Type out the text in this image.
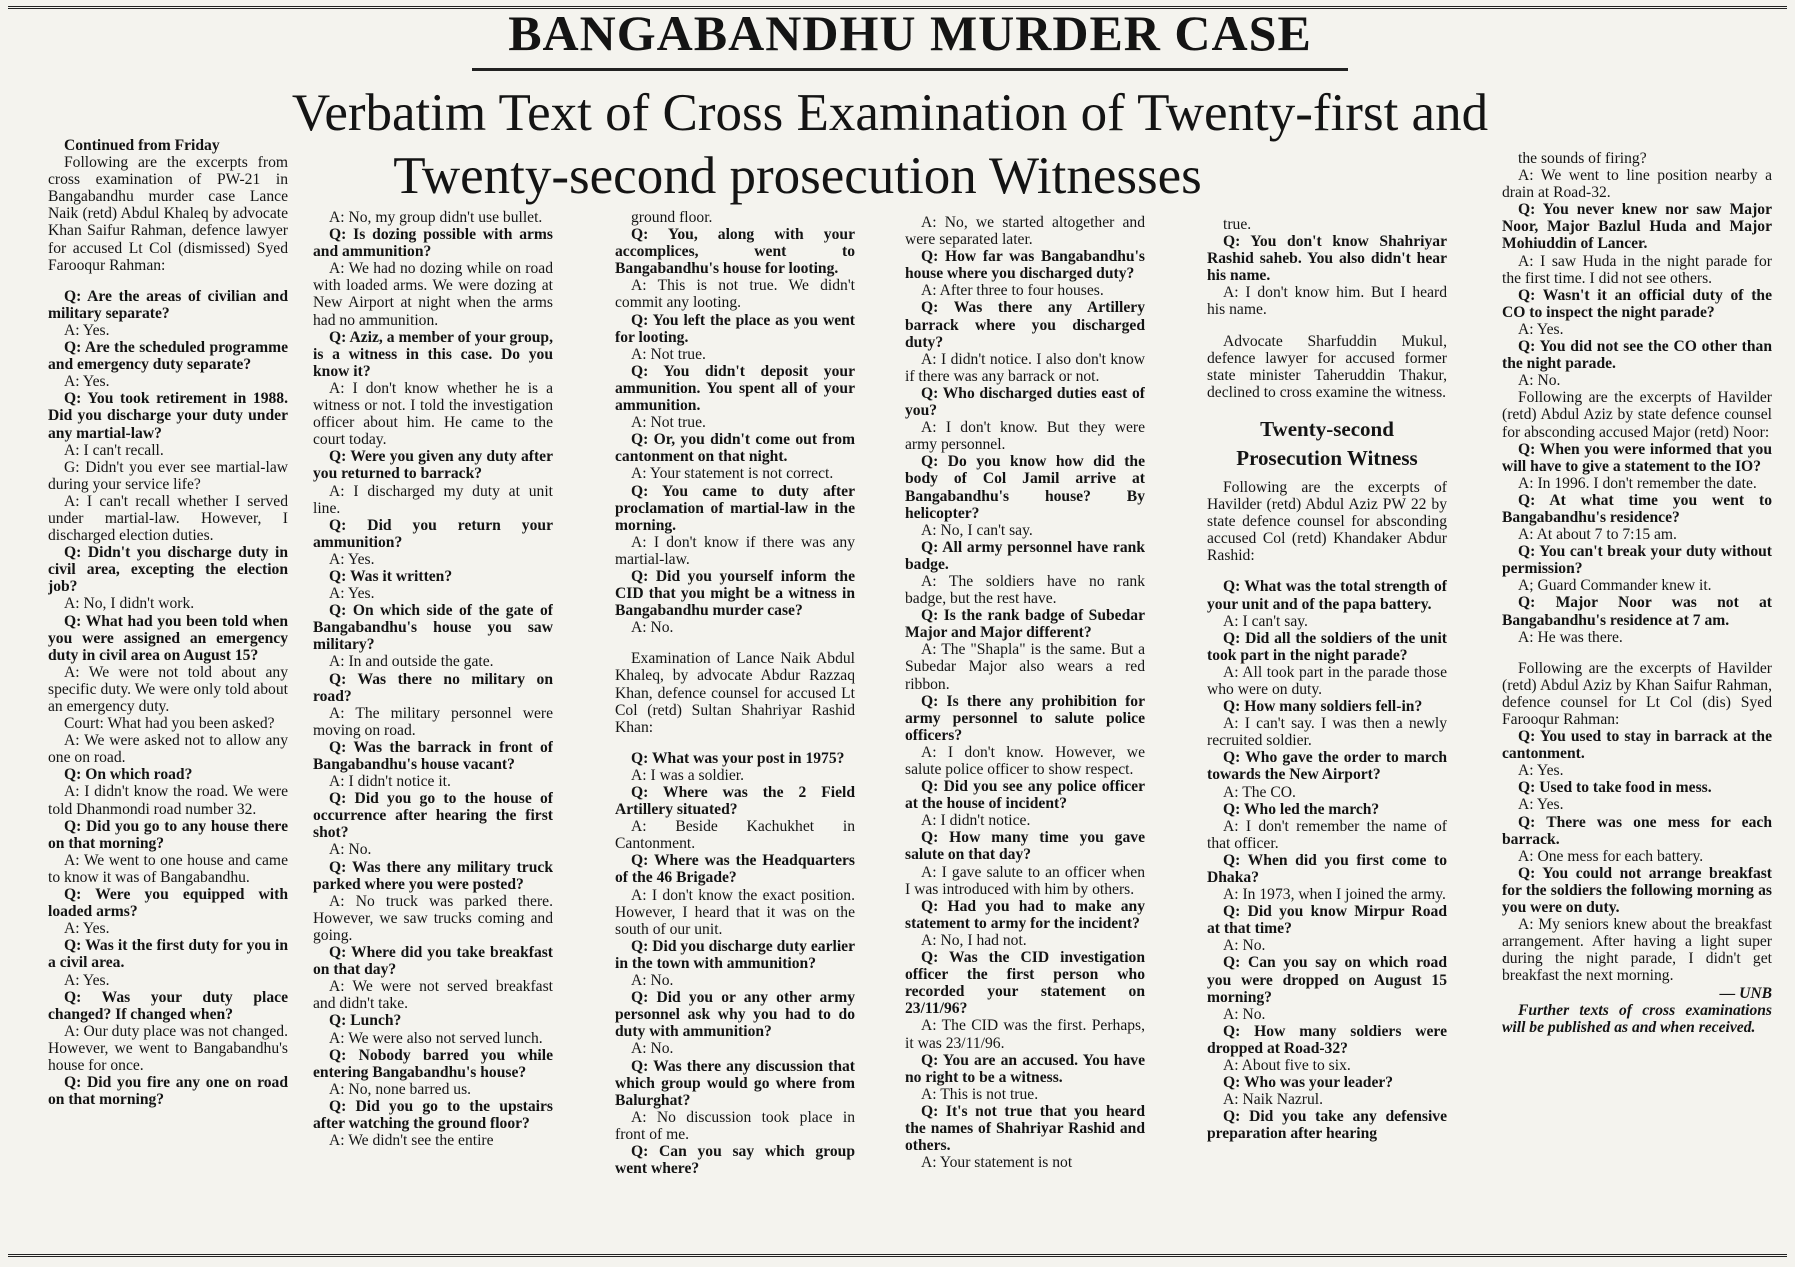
BANGABANDHU MURDER CASE
Verbatim Text of Cross Examination of Twenty-first and
Twenty-second prosecution Witnesses

Continued from Friday

Following are the excerpts from cross examination of PW-21 in Bangabandhu murder case Lance Naik (retd) Abdul Khaleq by advocate Khan Saifur Rahman, defence lawyer for accused Lt Col (dismissed) Syed Farooqur Rahman:

Q: Are the areas of civilian and military separate?

A: Yes.

Q: Are the scheduled programme and emergency duty separate?

A: Yes.

Q: You took retirement in 1988. Did you discharge your duty under any martial-law?

A: I can't recall.

G: Didn't you ever see martial-law during your service life?

A: I can't recall whether I served under martial-law. However, I discharged election duties.

Q: Didn't you discharge duty in civil area, excepting the election job?

A: No, I didn't work.

Q: What had you been told when you were assigned an emergency duty in civil area on August 15?

A: We were not told about any specific duty. We were only told about an emergency duty.

Court: What had you been asked?

A: We were asked not to allow any one on road.

Q: On which road?

A: I didn't know the road. We were told Dhanmondi road number 32.

Q: Did you go to any house there on that morning?

A: We went to one house and came to know it was of Bangabandhu.

Q: Were you equipped with loaded arms?

A: Yes.

Q: Was it the first duty for you in a civil area.

A: Yes.

Q: Was your duty place changed? If changed when?

A: Our duty place was not changed. However, we went to Bangabandhu's house for once.

Q: Did you fire any one on road on that morning?

A: No, my group didn't use bullet.

Q: Is dozing possible with arms and ammunition?

A: We had no dozing while on road with loaded arms. We were dozing at New Airport at night when the arms had no ammunition.

Q: Aziz, a member of your group, is a witness in this case. Do you know it?

A: I don't know whether he is a witness or not. I told the investigation officer about him. He came to the court today.

Q: Were you given any duty after you returned to barrack?

A: I discharged my duty at unit line.

Q: Did you return your ammunition?

A: Yes.

Q: Was it written?

A: Yes.

Q: On which side of the gate of Bangabandhu's house you saw military?

A: In and outside the gate.

Q: Was there no military on road?

A: The military personnel were moving on road.

Q: Was the barrack in front of Bangabandhu's house vacant?

A: I didn't notice it.

Q: Did you go to the house of occurrence after hearing the first shot?

A: No.

Q: Was there any military truck parked where you were posted?

A: No truck was parked there. However, we saw trucks coming and going.

Q: Where did you take breakfast on that day?

A: We were not served breakfast and didn't take.

Q: Lunch?

A: We were also not served lunch.

Q: Nobody barred you while entering Bangabandhu's house?

A: No, none barred us.

Q: Did you go to the upstairs after watching the ground floor?

A: We didn't see the entire

ground floor.

Q: You, along with your accomplices, went to Bangabandhu's house for looting.

A: This is not true. We didn't commit any looting.

Q: You left the place as you went for looting.

A: Not true.

Q: You didn't deposit your ammunition. You spent all of your ammunition.

A: Not true.

Q: Or, you didn't come out from cantonment on that night.

A: Your statement is not correct.

Q: You came to duty after proclamation of martial-law in the morning.

A: I don't know if there was any martial-law.

Q: Did you yourself inform the CID that you might be a witness in Bangabandhu murder case?

A: No.

Examination of Lance Naik Abdul Khaleq, by advocate Abdur Razzaq Khan, defence counsel for accused Lt Col (retd) Sultan Shahriyar Rashid Khan:

Q: What was your post in 1975?

A: I was a soldier.

Q: Where was the 2 Field Artillery situated?

A: Beside Kachukhet in Cantonment.

Q: Where was the Headquarters of the 46 Brigade?

A: I don't know the exact position. However, I heard that it was on the south of our unit.

Q: Did you discharge duty earlier in the town with ammunition?

A: No.

Q: Did you or any other army personnel ask why you had to do duty with ammunition?

A: No.

Q: Was there any discussion that which group would go where from Balurghat?

A: No discussion took place in front of me.

Q: Can you say which group went where?

A: No, we started altogether and were separated later.

Q: How far was Bangabandhu's house where you discharged duty?

A: After three to four houses.

Q: Was there any Artillery barrack where you discharged duty?

A: I didn't notice. I also don't know if there was any barrack or not.

Q: Who discharged duties east of you?

A: I don't know. But they were army personnel.

Q: Do you know how did the body of Col Jamil arrive at Bangabandhu's house? By helicopter?

A: No, I can't say.

Q: All army personnel have rank badge.

A: The soldiers have no rank badge, but the rest have.

Q: Is the rank badge of Subedar Major and Major different?

A: The "Shapla" is the same. But a Subedar Major also wears a red ribbon.

Q: Is there any prohibition for army personnel to salute police officers?

A: I don't know. However, we salute police officer to show respect.

Q: Did you see any police officer at the house of incident?

A: I didn't notice.

Q: How many time you gave salute on that day?

A: I gave salute to an officer when I was introduced with him by others.

Q: Had you had to make any statement to army for the incident?

A: No, I had not.

Q: Was the CID investigation officer the first person who recorded your statement on 23/11/96?

A: The CID was the first. Perhaps, it was 23/11/96.

Q: You are an accused. You have no right to be a witness.

A: This is not true.

Q: It's not true that you heard the names of Shahriyar Rashid and others.

A: Your statement is not

true.

Q: You don't know Shahriyar Rashid saheb. You also didn't hear his name.

A: I don't know him. But I heard his name.

Advocate Sharfuddin Mukul, defence lawyer for accused former state minister Taheruddin Thakur, declined to cross examine the witness.

Twenty-second Prosecution Witness

Following are the excerpts of Havilder (retd) Abdul Aziz PW 22 by state defence counsel for absconding accused Col (retd) Khandaker Abdur Rashid:

Q: What was the total strength of your unit and of the papa battery.

A: I can't say.

Q: Did all the soldiers of the unit took part in the night parade?

A: All took part in the parade those who were on duty.

Q: How many soldiers fell-in?

A: I can't say. I was then a newly recruited soldier.

Q: Who gave the order to march towards the New Airport?

A: The CO.

Q: Who led the march?

A: I don't remember the name of that officer.

Q: When did you first come to Dhaka?

A: In 1973, when I joined the army.

Q: Did you know Mirpur Road at that time?

A: No.

Q: Can you say on which road you were dropped on August 15 morning?

A: No.

Q: How many soldiers were dropped at Road-32?

A: About five to six.

Q: Who was your leader?

A: Naik Nazrul.

Q: Did you take any defensive preparation after hearing

the sounds of firing?

A: We went to line position nearby a drain at Road-32.

Q: You never knew nor saw Major Noor, Major Bazlul Huda and Major Mohiuddin of Lancer.

A: I saw Huda in the night parade for the first time. I did not see others.

Q: Wasn't it an official duty of the CO to inspect the night parade?

A: Yes.

Q: You did not see the CO other than the night parade.

A: No.

Following are the excerpts of Havilder (retd) Abdul Aziz by state defence counsel for absconding accused Major (retd) Noor:

Q: When you were informed that you will have to give a statement to the IO?

A: In 1996. I don't remember the date.

Q: At what time you went to Bangabandhu's residence?

A: At about 7 to 7:15 am.

Q: You can't break your duty without permission?

A; Guard Commander knew it.

Q: Major Noor was not at Bangabandhu's residence at 7 am.

A: He was there.

Following are the excerpts of Havilder (retd) Abdul Aziz by Khan Saifur Rahman, defence counsel for Lt Col (dis) Syed Farooqur Rahman:

Q: You used to stay in barrack at the cantonment.

A: Yes.

Q: Used to take food in mess.

A: Yes.

Q: There was one mess for each barrack.

A: One mess for each battery.

Q: You could not arrange breakfast for the soldiers the following morning as you were on duty.

A: My seniors knew about the breakfast arrangement. After having a light super during the night parade, I didn't get breakfast the next morning.

— UNB

Further texts of cross examinations will be published as and when received.
